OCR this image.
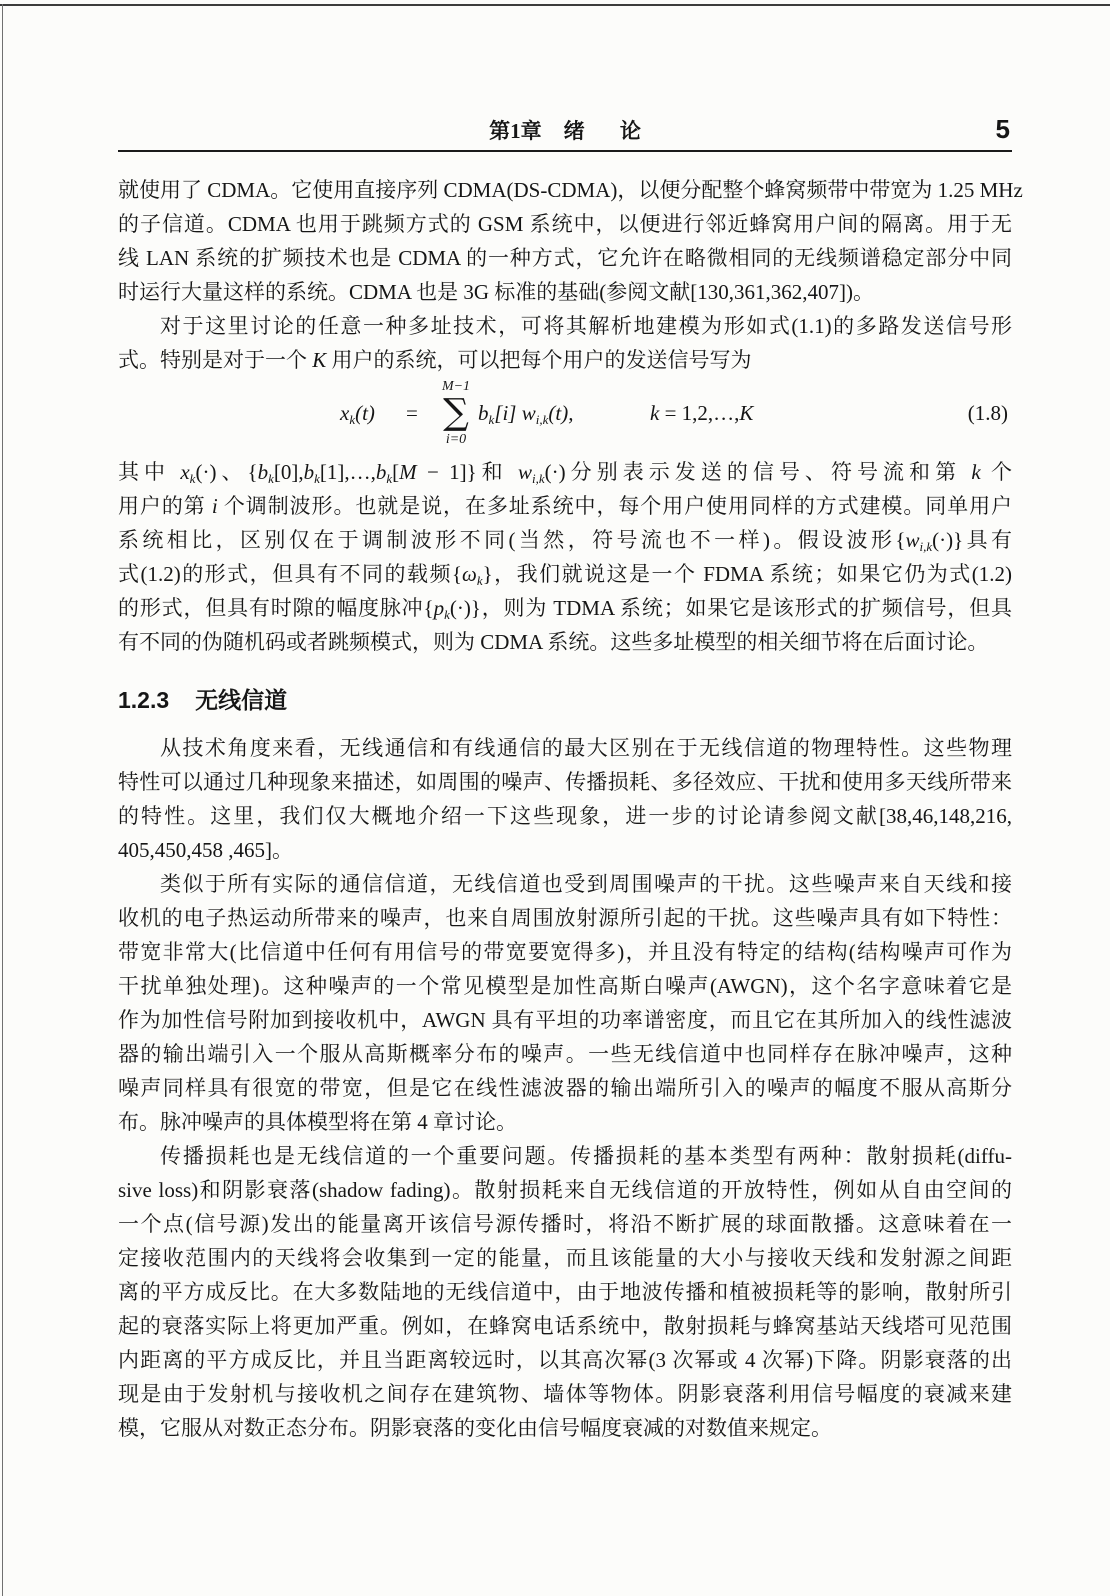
第1章 绪 论	5
就使用了 CDMA。它使用直接序列 CDMA(DS-CDMA)，以便分配整个蜂窝频带中带宽为 1.25 MHz
的子信道。CDMA 也用于跳频方式的 GSM 系统中，以便进行邻近蜂窝用户间的隔离。用于无
线 LAN 系统的扩频技术也是 CDMA 的一种方式，它允许在略微相同的无线频谱稳定部分中同
时运行大量这样的系统。CDMA 也是 3G 标准的基础(参阅文献[130,361,362,407])。
对于这里讨论的任意一种多址技术，可将其解析地建模为形如式(1.1)的多路发送信号形
式。特别是对于一个 K 用户的系统，可以把每个用户的发送信号写为
$x_k(t)$ =
M−1
∑
i=0
$b_k[i]$ $w_{i,k}(t)$,	k = 1,2,…,K	(1.8)
其中 $x_k(\cdot)$、$\{b_k[0],b_k[1],\dots,b_k[M - 1]\}$和 $w_{i,k}(\cdot)$分别表示发送的信号、符号流和第 k 个
用户的第 i 个调制波形。也就是说，在多址系统中，每个用户使用同样的方式建模。同单用户
系统相比，区别仅在于调制波形不同(当然，符号流也不一样)。假设波形$\{w_{i,k}(\cdot)\}$具有
式(1.2)的形式，但具有不同的载频$\{\omega_k\}$，我们就说这是一个 FDMA 系统；如果它仍为式(1.2)
的形式，但具有时隙的幅度脉冲$\{p_k(\cdot)\}$，则为 TDMA 系统；如果它是该形式的扩频信号，但具
有不同的伪随机码或者跳频模式，则为 CDMA 系统。这些多址模型的相关细节将在后面讨论。
1.2.3 无线信道
从技术角度来看，无线通信和有线通信的最大区别在于无线信道的物理特性。这些物理
特性可以通过几种现象来描述，如周围的噪声、传播损耗、多径效应、干扰和使用多天线所带来
的特性。这里，我们仅大概地介绍一下这些现象，进一步的讨论请参阅文献[38,46,148,216,
405,450,458 ,465]。
类似于所有实际的通信信道，无线信道也受到周围噪声的干扰。这些噪声来自天线和接
收机的电子热运动所带来的噪声，也来自周围放射源所引起的干扰。这些噪声具有如下特性：
带宽非常大(比信道中任何有用信号的带宽要宽得多)，并且没有特定的结构(结构噪声可作为
干扰单独处理)。这种噪声的一个常见模型是加性高斯白噪声(AWGN)，这个名字意味着它是
作为加性信号附加到接收机中，AWGN 具有平坦的功率谱密度，而且它在其所加入的线性滤波
器的输出端引入一个服从高斯概率分布的噪声。一些无线信道中也同样存在脉冲噪声，这种
噪声同样具有很宽的带宽，但是它在线性滤波器的输出端所引入的噪声的幅度不服从高斯分
布。脉冲噪声的具体模型将在第 4 章讨论。
传播损耗也是无线信道的一个重要问题。传播损耗的基本类型有两种：散射损耗(diffu-
sive loss)和阴影衰落(shadow fading)。散射损耗来自无线信道的开放特性，例如从自由空间的
一个点(信号源)发出的能量离开该信号源传播时，将沿不断扩展的球面散播。这意味着在一
定接收范围内的天线将会收集到一定的能量，而且该能量的大小与接收天线和发射源之间距
离的平方成反比。在大多数陆地的无线信道中，由于地波传播和植被损耗等的影响，散射所引
起的衰落实际上将更加严重。例如，在蜂窝电话系统中，散射损耗与蜂窝基站天线塔可见范围
内距离的平方成反比，并且当距离较远时，以其高次幂(3 次幂或 4 次幂)下降。阴影衰落的出
现是由于发射机与接收机之间存在建筑物、墙体等物体。阴影衰落利用信号幅度的衰减来建
模，它服从对数正态分布。阴影衰落的变化由信号幅度衰减的对数值来规定。
